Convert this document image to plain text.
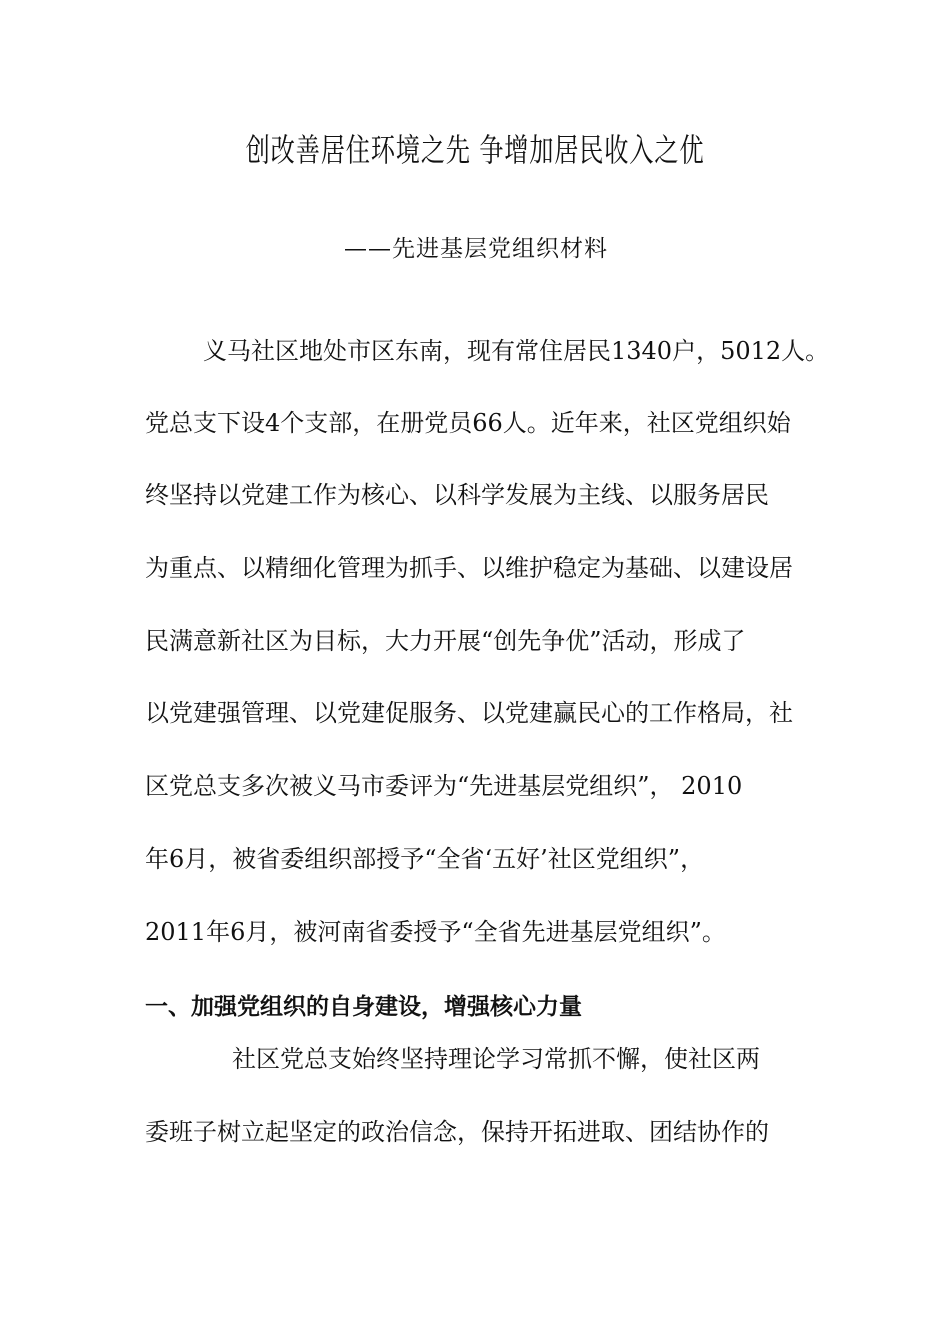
创改善居住环境之先 争增加居民收入之优
——先进基层党组织材料
义马社区地处市区东南，现有常住居民1340户，5012人。
党总支下设4个支部，在册党员66人。近年来，社区党组织始
终坚持以党建工作为核心、以科学发展为主线、以服务居民
为重点、以精细化管理为抓手、以维护稳定为基础、以建设居
民满意新社区为目标，大力开展“创先争优”活动，形成了
以党建强管理、以党建促服务、以党建赢民心的工作格局，社
区党总支多次被义马市委评为“先进基层党组织”， 2010
年6月，被省委组织部授予“全省‘五好’社区党组织”，
2011年6月，被河南省委授予“全省先进基层党组织”。
一、加强党组织的自身建设，增强核心力量
社区党总支始终坚持理论学习常抓不懈，使社区两
委班子树立起坚定的政治信念，保持开拓进取、团结协作的
